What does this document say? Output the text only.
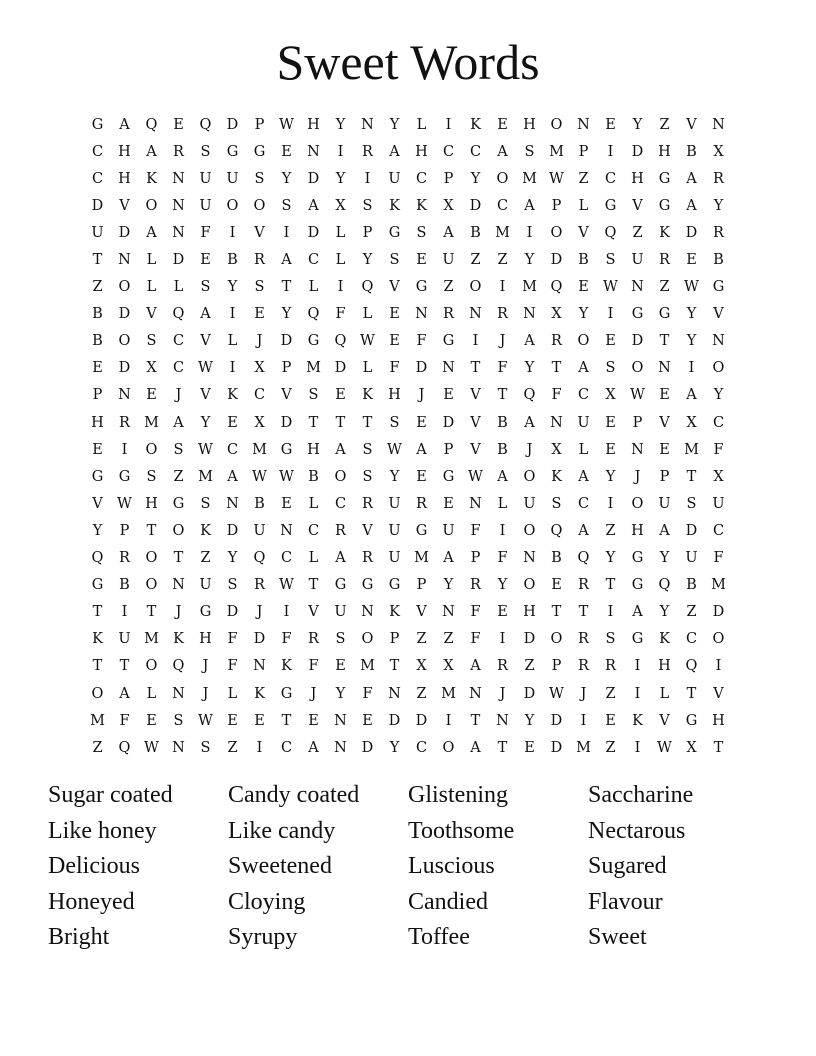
Sweet Words
G	A	Q	E	Q	D	P	W H	Y	N	Y	L	I	K	E	H	O	N	E	Y	Z	V	N
C	H	A	R	S	G	G	E	N	I	R	A	H	C	C	A	S	M	P	I	D	H	B	X
C	H	K	N	U	U	S	Y	D	Y	I	U	C	P	Y	O M W	Z	C	H	G	A	R
D	V	O	N	U	O	O	S	A	X	S	K	K	X	D	C	A	P	L	G	V	G	A	Y
U	D	A	N	F	I	V	I	D	L	P	G	S	A	B M	I	O	V	Q	Z	K	D	R
T	N	L	D	E	B	R	A	C	L	Y	S	E	U	Z	Z	Y	D	B	S	U	R	E	B
Z	O	L	L	S	Y	S	T	L	I	Q	V	G	Z	O	I	M Q	E W N	Z	W G
B	D	V	Q	A	I	E	Y	Q	F	L	E	N	R	N	R	N	X	Y	I	G	G	Y	V
B	O	S	C	V	L	J	D	G	Q W E	F	G	I	J	A	R	O	E	D	T	Y	N
E	D	X	C W	I	X	P	M D	L	F	D	N	T	F	Y	T	A	S	O	N	I	O
P	N	E	J	V	K	C	V	S	E	K	H	J	E	V	T	Q	F	C	X W E	A	Y
H	R M A	Y	E	X	D	T	T	T	S	E	D	V	B	A	N	U	E	P	V	X	C
E	I	O	S	W C M G	H	A	S	W A	P	V	B	J	X	L	E	N	E M	F
G	G	S	Z	M A W W B	O	S	Y	E	G W A	O	K	A	Y	J	P	T	X
V W H	G	S	N	B	E	L	C	R	U	R	E	N	L	U	S	C	I	O	U	S	U
Y	P	T	O	K	D	U	N	C	R	V	U	G	U	F	I	O	Q	A	Z	H	A	D	C
Q	R	O	T	Z	Y	Q	C	L	A	R	U M A	P	F	N	B	Q	Y	G	Y	U	F
G	B	O	N	U	S	R W	T	G	G	G	P	Y	R	Y	O	E	R	T	G	Q	B M
T	I	T	J	G	D	J	I	V	U	N	K	V	N	F	E	H	T	T	I	A	Y	Z	D
K	U M K	H	F	D	F	R	S	O	P	Z	Z	F	I	D	O	R	S	G	K	C	O
T	T	O	Q	J	F	N	K	F	E M	T	X	X	A	R	Z	P	R	R	I	H	Q	I
O	A	L	N	J	L	K	G	J	Y	F	N	Z	M N	J	D W	J	Z	I	L	T	V
M	F	E	S	W E	E	T	E	N	E	D	D	I	T	N	Y	D	I	E	K	V	G	H
Z	Q W N	S	Z	I	C	A	N	D	Y	C	O	A	T	E	D M	Z	I	W X	T
Sugar coated	Candy coated	Glistening	Saccharine
Like honey	Like candy	Toothsome	Nectarous
Delicious	Sweetened	Luscious	Sugared
Honeyed	Cloying	Candied	Flavour
Bright	Syrupy	Toffee	Sweet
